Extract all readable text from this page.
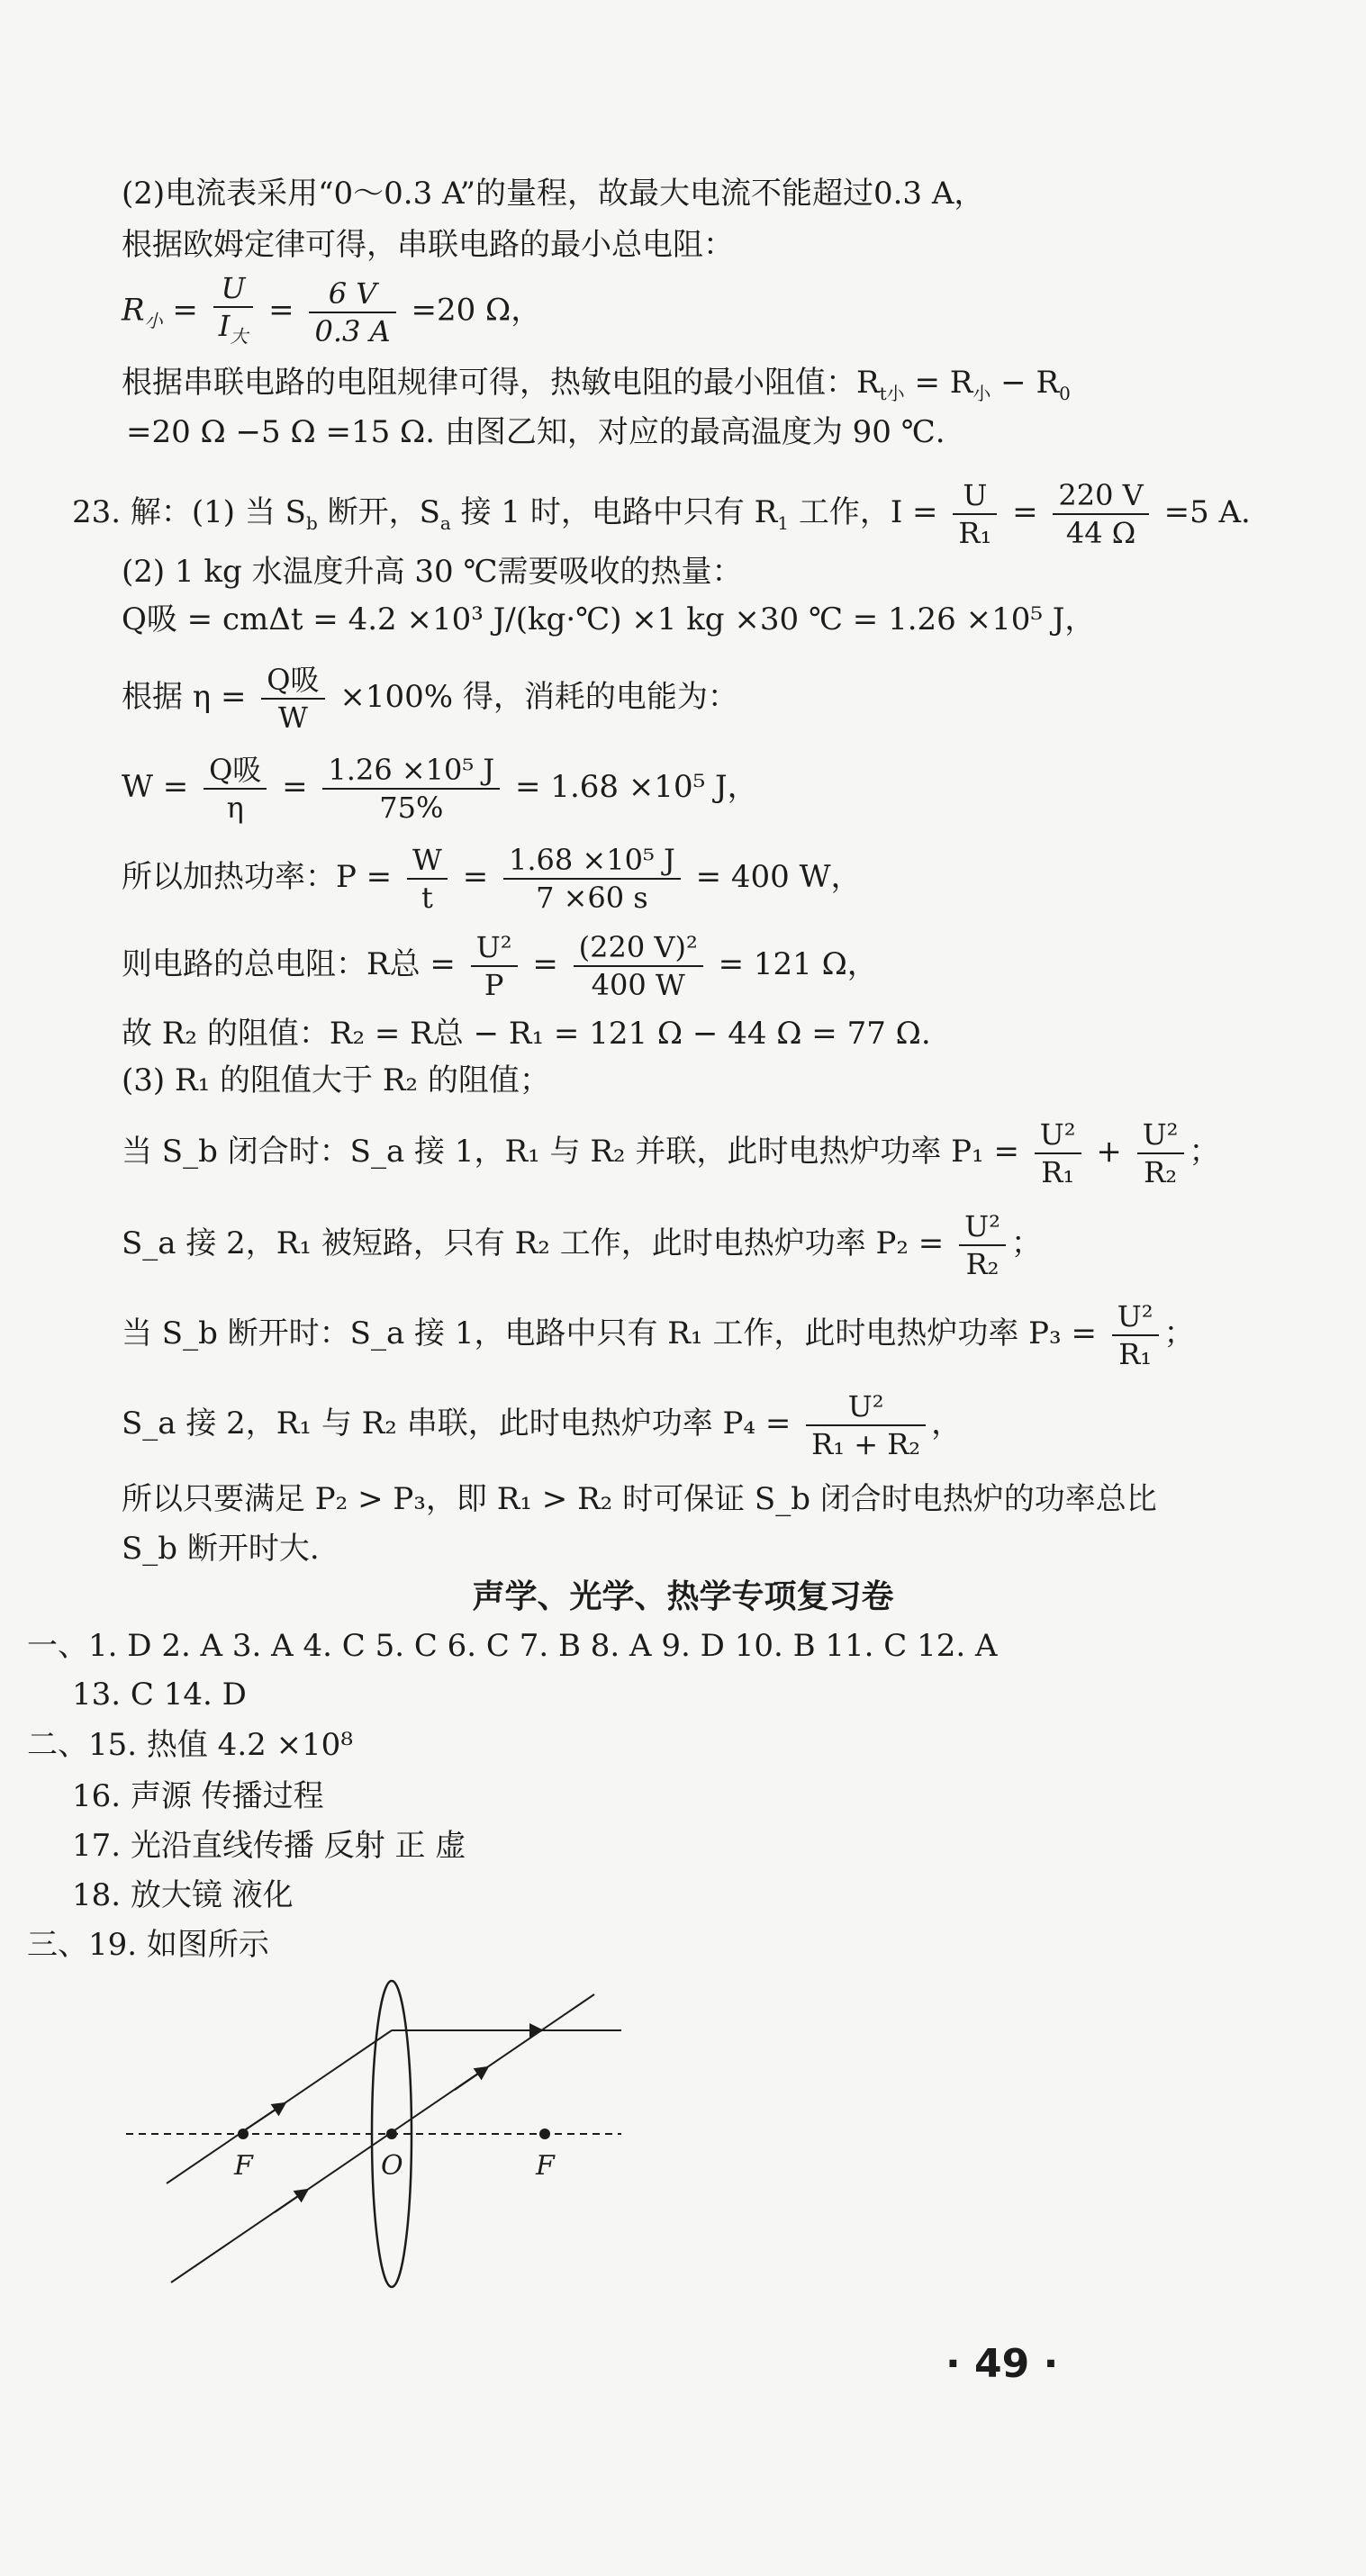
(2)电流表采用“0～0.3 A”的量程，故最大电流不能超过0.3 A，
根据欧姆定律可得，串联电路的最小总电阻：
$R_小 = \frac{U}{I_大} = \frac{6 V}{0.3 A} =20$ Ω，
根据串联电路的电阻规律可得，热敏电阻的最小阻值：$R_{t小} = R_小 - R_0$
=20 Ω −5 Ω =15 Ω. 由图乙知，对应的最高温度为 90 ℃.
23. 解：(1) 当 $S_b$ 断开，$S_a$ 接 1 时，电路中只有 $R_1$ 工作，$I = \frac{U}{\text{R₁}} = \frac{220 V}{44 \Omega} =5$ A.
(2) 1 kg 水温度升高 30 ℃需要吸收的热量：
Q吸 = cmΔt = 4.2 ×10³ J/(kg·℃) ×1 kg ×30 ℃ = 1.26 ×10⁵ J，
根据 $\eta = \frac{\text{Q吸}}{W} \times 100\%$ 得，消耗的电能为：
$W = \frac{\text{Q吸}}{\eta} = \frac{\text{1.26 ×10⁵ J}}{75\%} = 1.68 \times 10^5$ J，
所以加热功率：$P = \frac{W}{t} = \frac{\text{1.68 ×10⁵ J}}{7 \times 60 s} = 400$ W，
则电路的总电阻：R总 = $\frac{\text{U²}}{P} = \frac{\text{(220 V)²}}{400 W} = 121$ Ω，
故 R₂ 的阻值：R₂ = R总 − R₁ = 121 Ω − 44 Ω = 77 Ω.
(3) R₁ 的阻值大于 R₂ 的阻值；
当 S_b 闭合时：S_a 接 1，R₁ 与 R₂ 并联，此时电热炉功率 $P_1 = \frac{\text{U²}}{\text{R₁}} + \frac{\text{U²}}{\text{R₂}}$ ；
S_a 接 2，R₁ 被短路，只有 R₂ 工作，此时电热炉功率 $P_2 = \frac{\text{U²}}{\text{R₂}}$ ；
当 S_b 断开时：S_a 接 1，电路中只有 R₁ 工作，此时电热炉功率 $P_3 = \frac{\text{U²}}{\text{R₁}}$ ；
S_a 接 2，R₁ 与 R₂ 串联，此时电热炉功率 $P_4 = \frac{\text{U²}}{\text{R₁ + R₂}}$ ，
所以只要满足 P₂ > P₃，即 R₁ > R₂ 时可保证 S_b 闭合时电热炉的功率总比
S_b 断开时大.
声学、光学、热学专项复习卷
一、1. D 2. A 3. A 4. C 5. C 6. C 7. B 8. A 9. D 10. B 11. C 12. A
13. C 14. D
二、15. 热值 4.2 ×10⁸
16. 声源 传播过程
17. 光沿直线传播 反射 正 虚
18. 放大镜 液化
三、19. 如图所示
F	O	F
· 49 ·
